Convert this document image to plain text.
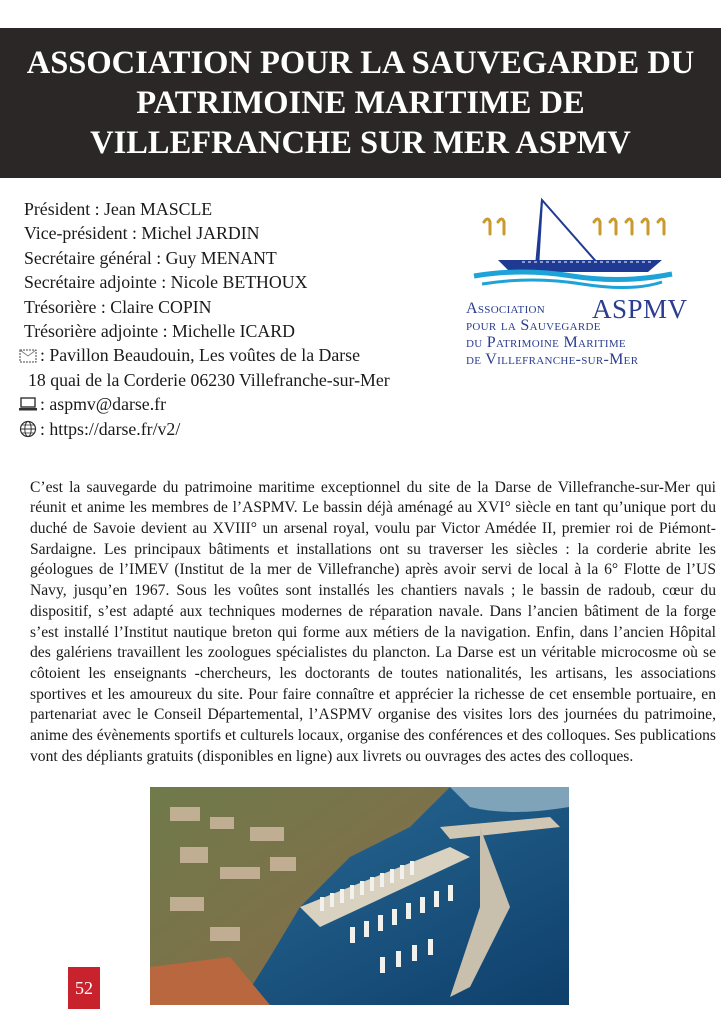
ASSOCIATION POUR LA SAUVEGARDE DU PATRIMOINE MARITIME DE VILLEFRANCHE SUR MER ASPMV
Président : Jean MASCLE
Vice-président : Michel JARDIN
Secrétaire général : Guy MENANT
Secrétaire adjointe : Nicole BETHOUX
Trésorière : Claire COPIN
Trésorière adjointe : Michelle ICARD
: Pavillon Beaudouin, Les voûtes de la Darse
18 quai de la Corderie 06230 Villefranche-sur-Mer
: aspmv@darse.fr
: https://darse.fr/v2/
ASPMV
Association
pour la Sauvegarde
du Patrimoine Maritime
de Villefranche-sur-Mer

C’est la sauvegarde du patrimoine maritime exceptionnel du site de la Darse de Villefranche-sur-Mer qui réunit et anime les membres de l’ASPMV. Le bassin déjà aménagé au XVI° siècle en tant qu’unique port du duché de Savoie devient au XVIII° un arsenal royal, voulu par Victor Amédée II, premier roi de Piémont-Sardaigne. Les principaux bâtiments et installations ont su traverser les siècles : la corderie abrite les géologues de l’IMEV (Institut de la mer de Villefranche) après avoir servi de local à la 6° Flotte de l’US Navy, jusqu’en 1967. Sous les voûtes sont installés les chantiers navals ; le bassin de radoub, cœur du dispositif, s’est adapté aux techniques modernes de réparation navale. Dans l’ancien bâtiment de la forge s’est installé l’Institut nautique breton qui forme aux métiers de la navigation. Enfin, dans l’ancien Hôpital des galériens travaillent les zoologues spécialistes du plancton. La Darse est un véritable microcosme où se côtoient les enseignants -chercheurs, les doctorants de toutes nationalités, les artisans, les associations sportives et les amoureux du site. Pour faire connaître et apprécier la richesse de cet ensemble portuaire, en partenariat avec le Conseil Départemental, l’ASPMV organise des visites lors des journées du patrimoine, anime des évènements sportifs et culturels locaux, organise des conférences et des colloques. Ses publications vont des dépliants gratuits (disponibles en ligne) aux livrets ou ouvrages des actes des colloques.

52
